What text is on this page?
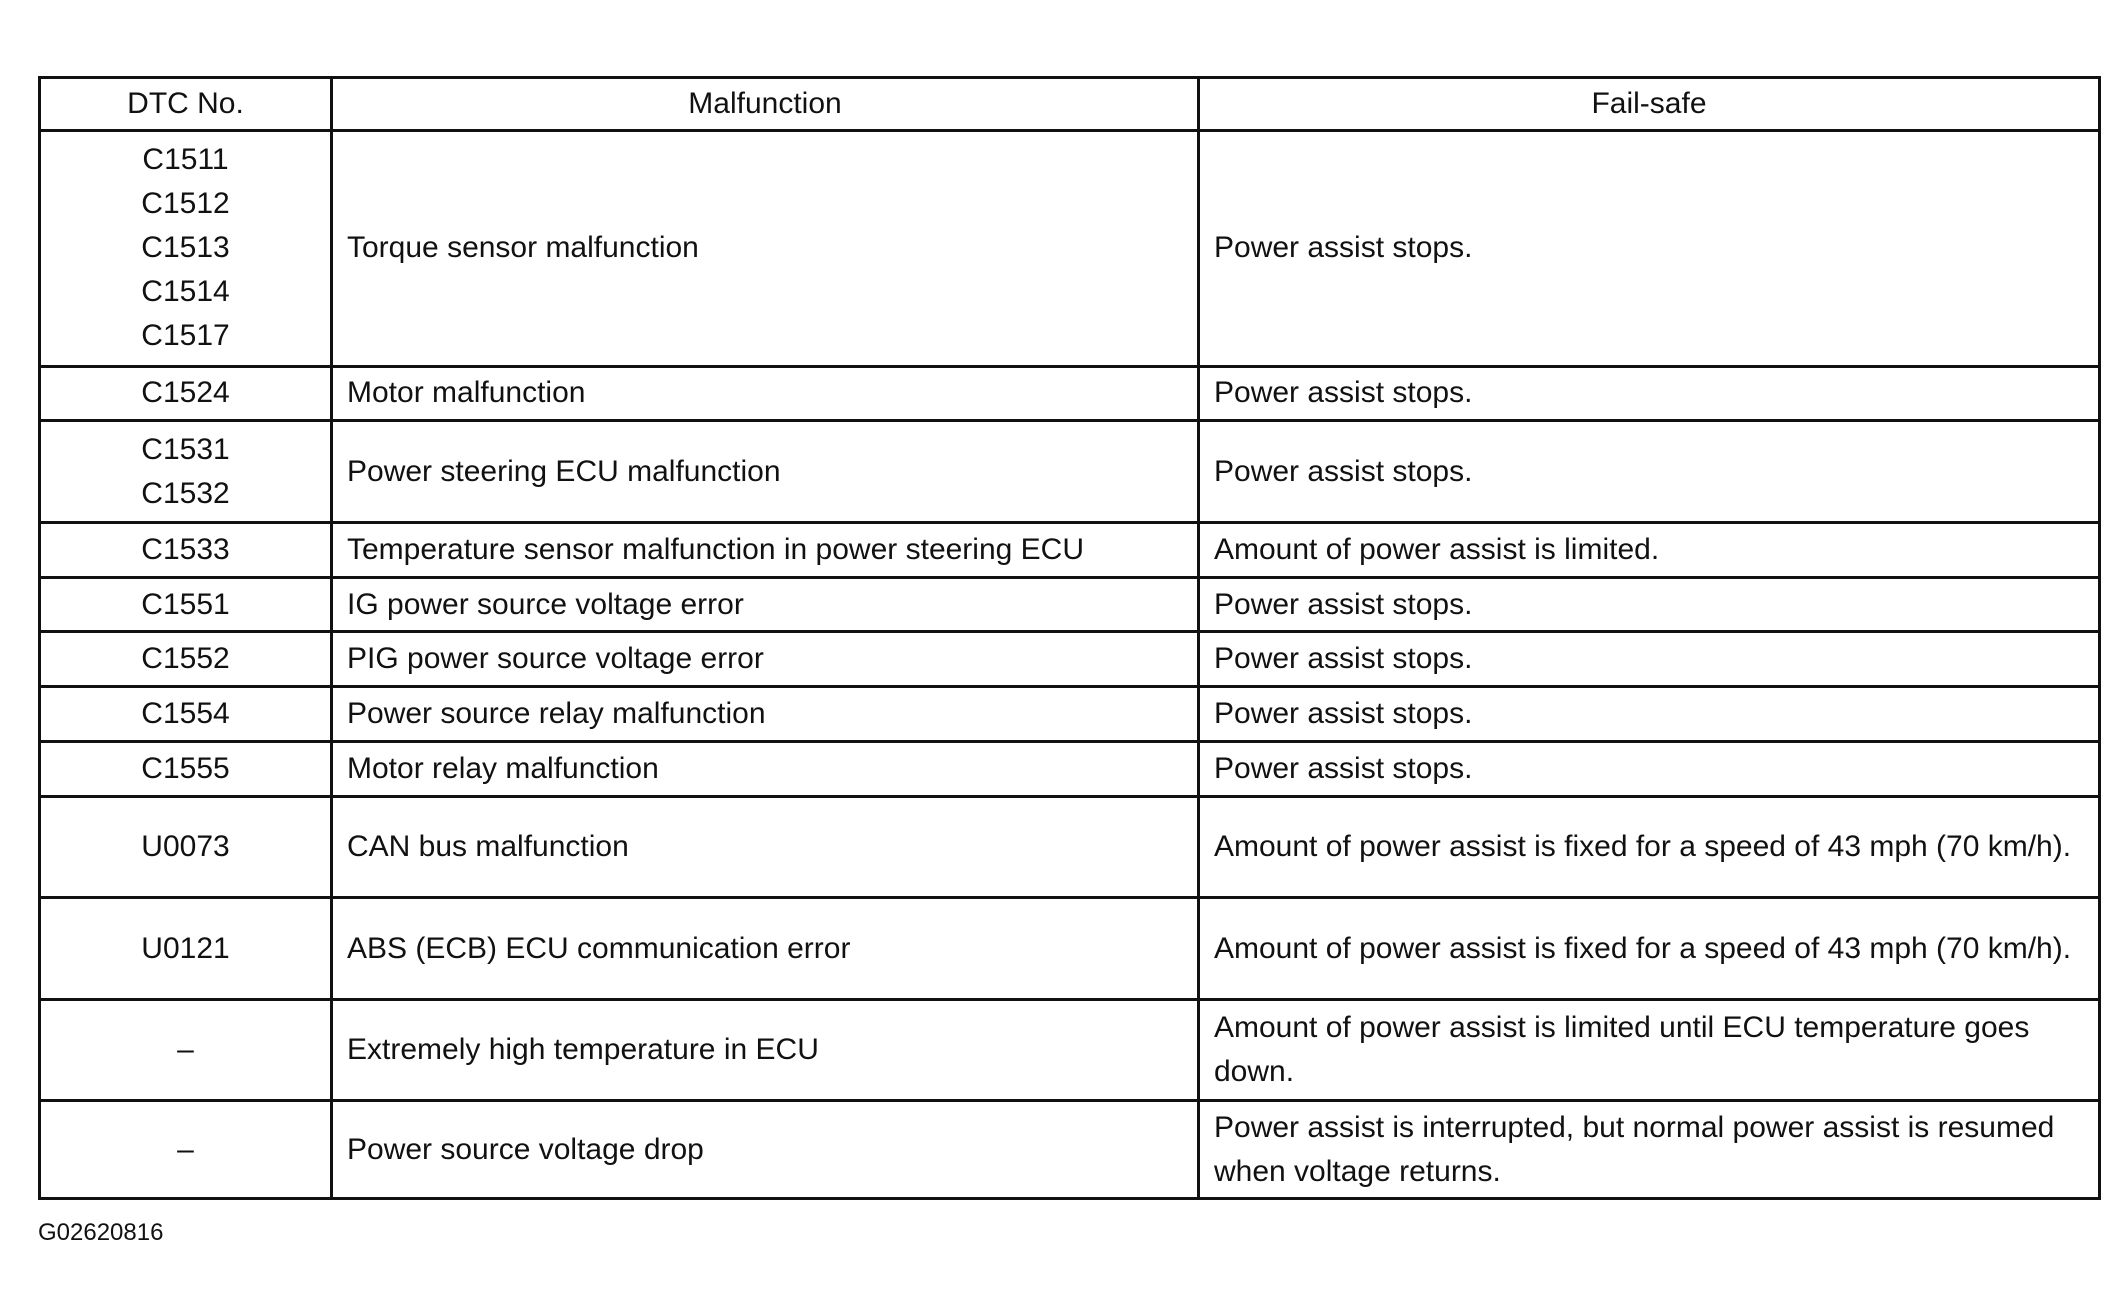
DTC No.	Malfunction	Fail-safe

C1511
C1512
C1513
C1514
C1517	Torque sensor malfunction	Power assist stops.

C1524	Motor malfunction	Power assist stops.

C1531
C1532	Power steering ECU malfunction	Power assist stops.

C1533	Temperature sensor malfunction in power steering ECU	Amount of power assist is limited.

C1551	IG power source voltage error	Power assist stops.

C1552	PIG power source voltage error	Power assist stops.

C1554	Power source relay malfunction	Power assist stops.

C1555	Motor relay malfunction	Power assist stops.

U0073	CAN bus malfunction	Amount of power assist is fixed for a speed of 43 mph (70 km/h).

U0121	ABS (ECB) ECU communication error	Amount of power assist is fixed for a speed of 43 mph (70 km/h).

–	Extremely high temperature in ECU	Amount of power assist is limited until ECU temperature goes down.

–	Power source voltage drop	Power assist is interrupted, but normal power assist is resumed when voltage returns.
G02620816
